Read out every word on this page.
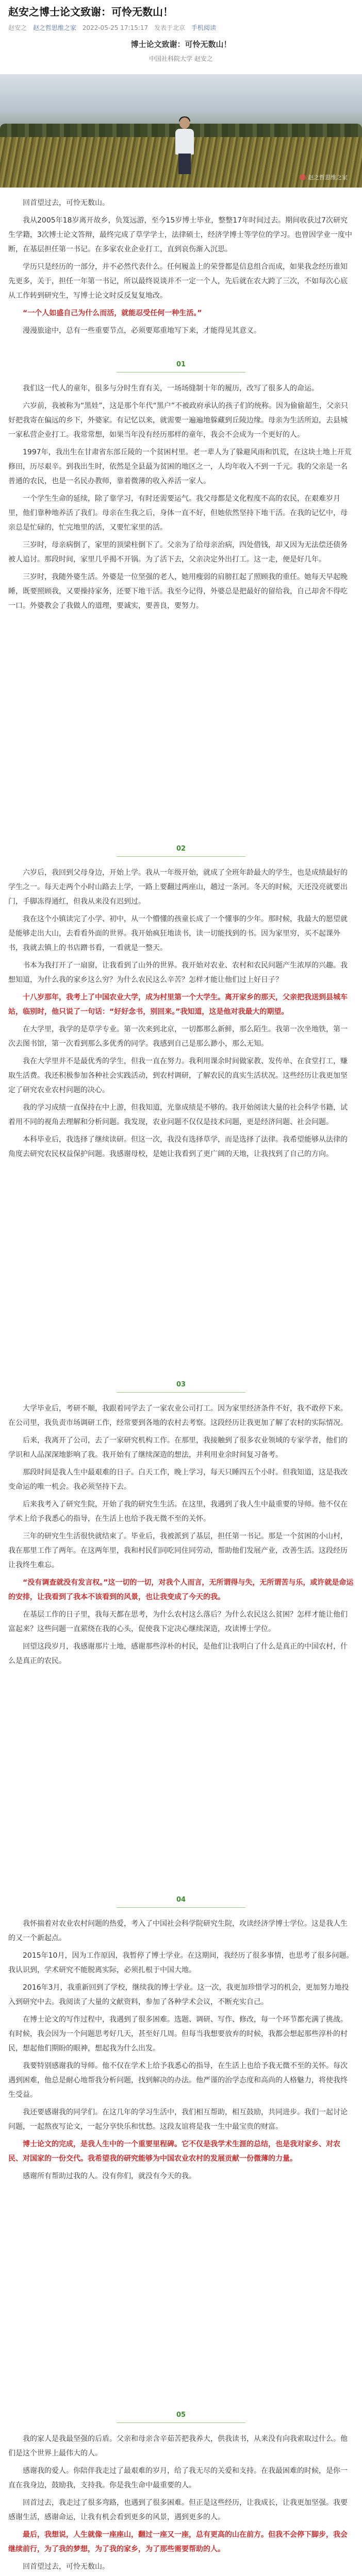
赵安之博士论文致谢：可怜无数山！
赵安之 赵之哲思维之家 2022-05-25 17:15:17 发表于北京 手机阅读

博士论文致谢：可怜无数山！

中国社科院大学 赵安之

赵之哲思维之家

回首望过去，可怜无数山。

我从2005年18岁离开故乡，负笈远游，至今15岁博士毕业，整整17年时间过去。期间收获过7次研究生学籍，3次博士论文答辩，最终完成了草学学士，法律硕士，经济学博士等学位的学习。也曾因学业一度中断，在基层担任第一书记。在多家农业企业打工，直到哀伤渐入沉思。

学历只是经历的一部分，并不必然代表什么。任何履盖上的荣誉都是信息组合而成，如果我念经历谁知先更多，关于，担任一年第一书记，所以最终说谈并不一定一个人，先后就在农大跨了三次，不如每次心底从工作转到研究生，写博士论文时反反复复地改。

“一个人如盛自己为什么而活，就能忍受任何一种生活。”

漫漫旅途中，总有一些重要节点，必须要郑重地写下来，才能得见其意义。

01

我们这一代人的童年，很多与分时生育有关，一场场缝制十年的履历，改写了很多人的命运。

六岁前，我被称为“黑娃”，这是那个年代“黑户”不被政府承认的孩子们的统称。因为偷偷超生，父亲只好把我寄在偏远的乡下，外婆家。有记忆以来，就需要一遍遍地躲藏到丘陵边缘。母亲为生活所迫，去县城一家私营企业打工。我常常想，如果当年没有经历那样的童年，我会不会成为一个更好的人。

1997年，我出生在甘肃省东部丘陵的一个贫困村里。老一辈人为了躲避风雨和饥荒，在这块土地上开荒修田，历尽艰辛。到我出生时，依然是全县最为贫困的地区之一，人均年收入不到一千元。我的父亲是一名普通的农民，也是一名民办教师，靠着微薄的收入养活一家人。

一个学生生命的延续，除了靠学习，有时还需要运气。我父母都是文化程度不高的农民，在艰难岁月里，他们靠种地养活了我们。母亲在生我之后，身体一直不好，但她依然坚持下地干活。在我的记忆中，母亲总是忙碌的，忙完地里的活，又要忙家里的活。

三岁时，母亲病倒了，家里的顶梁柱倒下了。父亲为了给母亲治病，四处借钱，却又因为无法偿还债务被人追讨。那段时间，家里几乎揭不开锅。为了活下去，父亲决定外出打工。这一走，便是好几年。

三岁时，我随外婆生活。外婆是一位坚强的老人，她用瘦弱的肩膀扛起了照顾我的重任。她每天早起晚睡，既要照顾我，又要操持家务，还要下地干活。我至今记得，外婆总是把最好的留给我，自己却舍不得吃一口。外婆教会了我做人的道理，要诚实，要善良，要努力。

02

六岁后，我回到父母身边，开始上学。我从一年级开始，就成了全班年龄最大的学生，也是成绩最好的学生之一。每天走两个小时山路去上学，一路上要翻过两座山，趟过一条河。冬天的时候，天还没亮就要出门，手脚冻得通红，但我从来没有迟到过。

我在这个小镇读完了小学、初中，从一个懵懂的孩童长成了一个懂事的少年。那时候，我最大的愿望就是能够走出大山，去看看外面的世界。我开始疯狂地读书，读一切能找到的书。因为家里穷，买不起课外书，我就去镇上的书店蹭书看，一看就是一整天。

书本为我打开了一扇窗，让我看到了山外的世界。我开始对农业、农村和农民问题产生浓厚的兴趣。我想知道，为什么我的家乡这么穷？为什么农民这么辛苦？怎样才能让他们过上好日子？

十八岁那年，我考上了中国农业大学，成为村里第一个大学生。离开家乡的那天，父亲把我送到县城车站，临别时，他只说了一句话：“好好念书，别回来。”我知道，这是他对我最大的期望。

在大学里，我学的是草学专业。第一次来到北京，一切都那么新鲜，那么陌生。我第一次坐地铁，第一次去图书馆，第一次看到那么多优秀的同学。我感到自己是那么渺小，那么无知。

我在大学里并不是最优秀的学生，但我一直在努力。我利用课余时间做家教、发传单、在食堂打工，赚取生活费。我还积极参加各种社会实践活动，到农村调研，了解农民的真实生活状况。这些经历让我更加坚定了研究农业农村问题的决心。

我的学习成绩一直保持在中上游，但我知道，光靠成绩是不够的。我开始阅读大量的社会科学书籍，试着用不同的视角去理解和分析问题。我发现，农业问题不仅仅是技术问题，更是经济问题、社会问题。

本科毕业后，我选择了继续读研。但这一次，我没有选择草学，而是选择了法律。我希望能够从法律的角度去研究农民权益保护问题。我感谢母校，是她让我看到了更广阔的天地，让我找到了自己的方向。

03

大学毕业后，考研不顺，我跟着同学去了一家农业公司打工。因为家里经济条件不好，我不敢停下来。在公司里，我负责市场调研工作，经常要到各地的农村去考察。这段经历让我更加了解了农村的实际情况。

后来，我离开了公司，去了一家研究机构工作。在那里，我接触到了很多农业领域的专家学者，他们的学识和人品深深地影响了我。我开始有了继续深造的想法，并利用业余时间复习备考。

那段时间是我人生中最艰难的日子。白天工作，晚上学习，每天只睡四五个小时。但我知道，这是我改变命运的唯一机会。我必须坚持下去。

后来我考入了研究生院，开始了我的研究生生活。在这里，我遇到了我人生中最重要的导师。他不仅在学术上给予我悉心的指导，在生活上也给予我无微不至的关怀。

三年的研究生生活很快就结束了。毕业后，我被派到了基层，担任第一书记。那是一个贫困的小山村，我在那里工作了两年。在这两年里，我和村民们同吃同住同劳动，帮助他们发展产业，改善生活。这段经历让我终生难忘。

“没有调查就没有发言权。”这一切的一切，对我个人而言，无所谓得与失，无所谓苦与乐，或许就是命运的安排，让我看到了我本不该看到的风景，也让我变成了今天的我。

在基层工作的日子里，我每天都在思考，为什么农村这么落后？为什么农民这么贫困？怎样才能让他们富起来？这些问题一直萦绕在我的心头，促使我下定决心继续深造，攻读博士学位。

回望这段岁月，我感谢那片土地，感谢那些淳朴的村民，是他们让我明白了什么是真正的中国农村，什么是真正的农民。

04

我怀揣着对农业农村问题的热爱，考入了中国社会科学院研究生院，攻读经济学博士学位。这是我人生的又一个新起点。

2015年10月，因为工作原因，我暂停了博士学业。在这期间，我经历了很多事情，也思考了很多问题。我认识到，学术研究不能脱离实际，必须扎根于中国大地。

2016年3月，我重新回到了学校，继续我的博士学业。这一次，我更加珍惜学习的机会，更加努力地投入到研究中去。我阅读了大量的文献资料，参加了各种学术会议，不断充实自己。

在博士论文的写作过程中，我遇到了很多困难。选题、调研、写作、修改，每一个环节都充满了挑战。有时候，我会因为一个问题思考好几天，甚至好几周。但每当我想要放弃的时候，我都会想起那些淳朴的村民，想起他们期盼的眼神，想起我为什么出发。

我要特别感谢我的导师。他不仅在学术上给予我悉心的指导，在生活上也给予我无微不至的关怀。每次遇到困难，他总是耐心地帮我分析问题，找到解决的办法。他严谨的治学态度和高尚的人格魅力，将使我终生受益。

我还要感谢我的同学们。在这几年的学习生活中，我们相互帮助，相互鼓励，共同进步。我们一起讨论问题，一起熬夜写论文，一起分享快乐和忧愁。这段友谊将是我一生中最宝贵的财富。

博士论文的完成，是我人生中的一个重要里程碑。它不仅是我学术生涯的总结，也是我对家乡、对农民、对国家的一份交代。我希望我的研究能够为中国农业农村的发展贡献一份微薄的力量。

感谢所有帮助过我的人。没有你们，就没有今天的我。

05

我的家人是我最坚强的后盾。父亲和母亲含辛茹苦把我养大，供我读书，从来没有向我索取过什么。他们是这个世界上最伟大的人。

感谢我的爱人。你陪伴我走过了最艰难的岁月，给了我无尽的关爱和支持。在我最困难的时候，是你一直在我身边，鼓励我，支持我。你是我生命中最重要的人。

回首过去，我走过了很多弯路，也遇到了很多困难。但正是这些经历，让我成长，让我更加坚强。我要感谢生活，感谢命运，让我有机会看到更多的风景，遇到更多的人。

最后，我想说，人生就像一座座山，翻过一座又一座，总有更高的山在前方。但我不会停下脚步，我会继续前行，为了我的梦想，为了我的家乡，为了那些需要帮助的人。

回首望过去，可怜无数山。
